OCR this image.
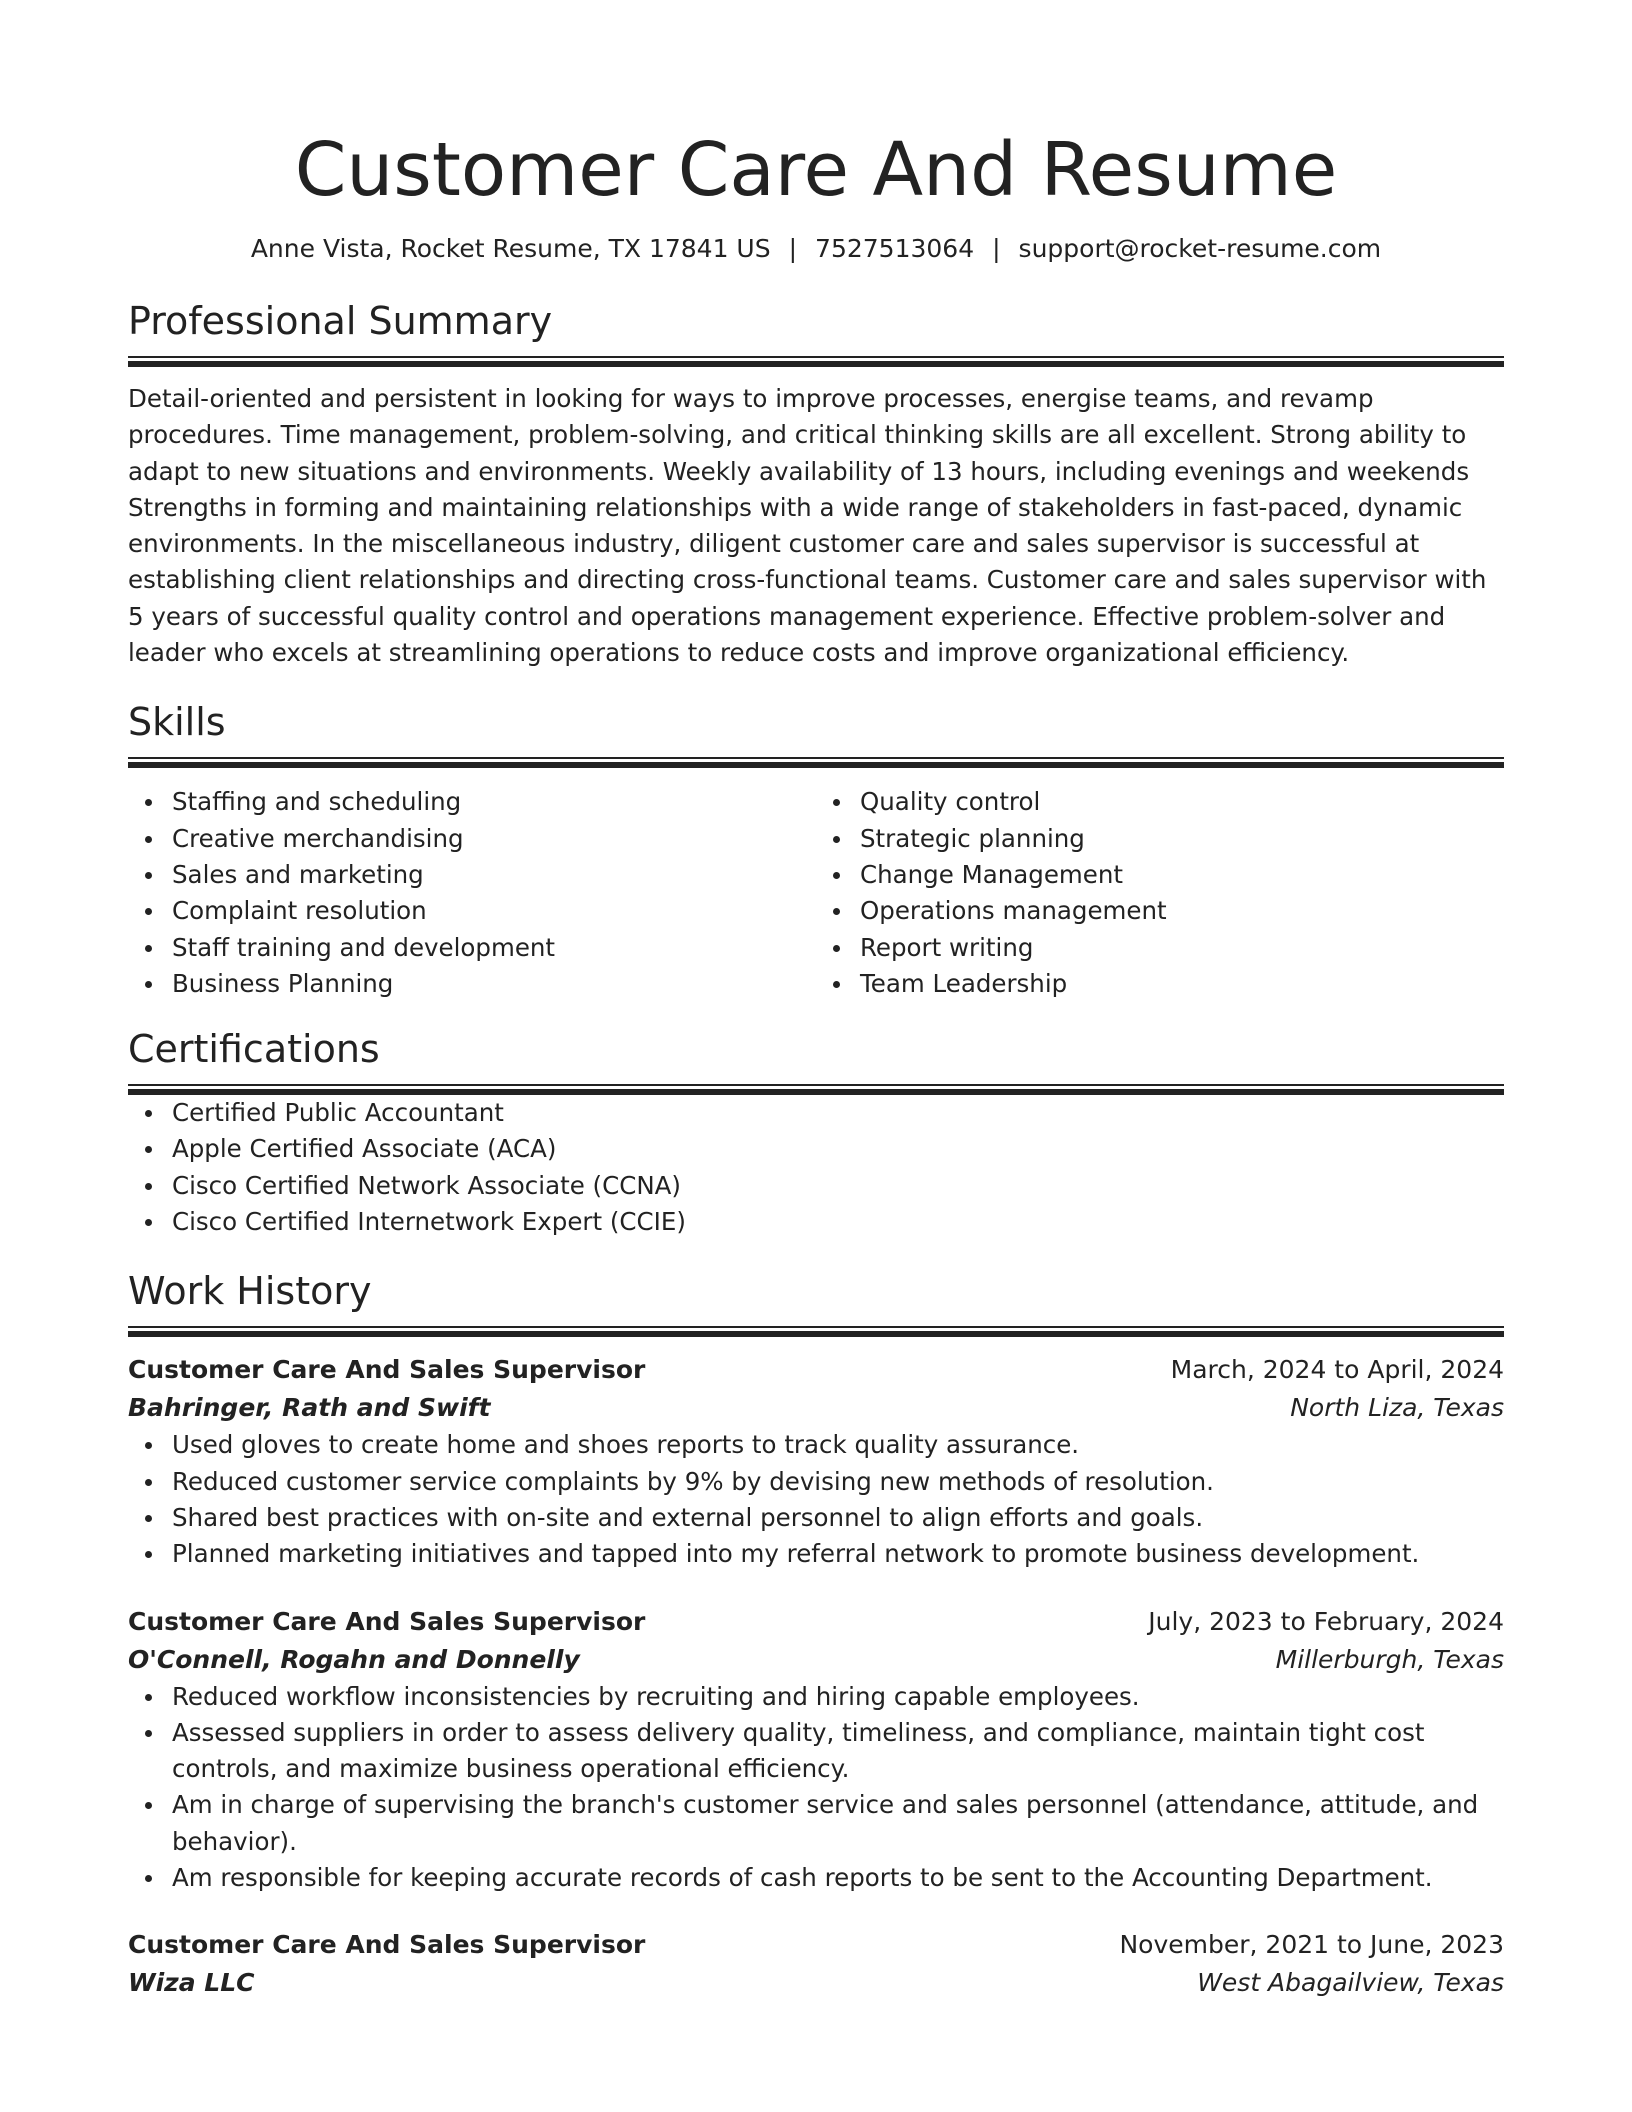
Customer Care And Resume
Anne Vista, Rocket Resume, TX 17841 US | 7527513064 | support@rocket-resume.com
Professional Summary
Detail-oriented and persistent in looking for ways to improve processes, energise teams, and revamp procedures. Time management, problem-solving, and critical thinking skills are all excellent. Strong ability to adapt to new situations and environments. Weekly availability of 13 hours, including evenings and weekends Strengths in forming and maintaining relationships with a wide range of stakeholders in fast-paced, dynamic environments. In the miscellaneous industry, diligent customer care and sales supervisor is successful at establishing client relationships and directing cross-functional teams. Customer care and sales supervisor with 5 years of successful quality control and operations management experience. Effective problem-solver and leader who excels at streamlining operations to reduce costs and improve organizational efficiency.
Skills
Staffing and scheduling
Creative merchandising
Sales and marketing
Complaint resolution
Staff training and development
Business Planning
Quality control
Strategic planning
Change Management
Operations management
Report writing
Team Leadership
Certifications
Certified Public Accountant
Apple Certified Associate (ACA)
Cisco Certified Network Associate (CCNA)
Cisco Certified Internetwork Expert (CCIE)
Work History
Customer Care And Sales Supervisor	March, 2024 to April, 2024
Bahringer, Rath and Swift	North Liza, Texas
Used gloves to create home and shoes reports to track quality assurance.
Reduced customer service complaints by 9% by devising new methods of resolution.
Shared best practices with on-site and external personnel to align efforts and goals.
Planned marketing initiatives and tapped into my referral network to promote business development.
Customer Care And Sales Supervisor	July, 2023 to February, 2024
O'Connell, Rogahn and Donnelly	Millerburgh, Texas
Reduced workflow inconsistencies by recruiting and hiring capable employees.
Assessed suppliers in order to assess delivery quality, timeliness, and compliance, maintain tight cost controls, and maximize business operational efficiency.
Am in charge of supervising the branch's customer service and sales personnel (attendance, attitude, and behavior).
Am responsible for keeping accurate records of cash reports to be sent to the Accounting Department.
Customer Care And Sales Supervisor	November, 2021 to June, 2023
Wiza LLC	West Abagailview, Texas
